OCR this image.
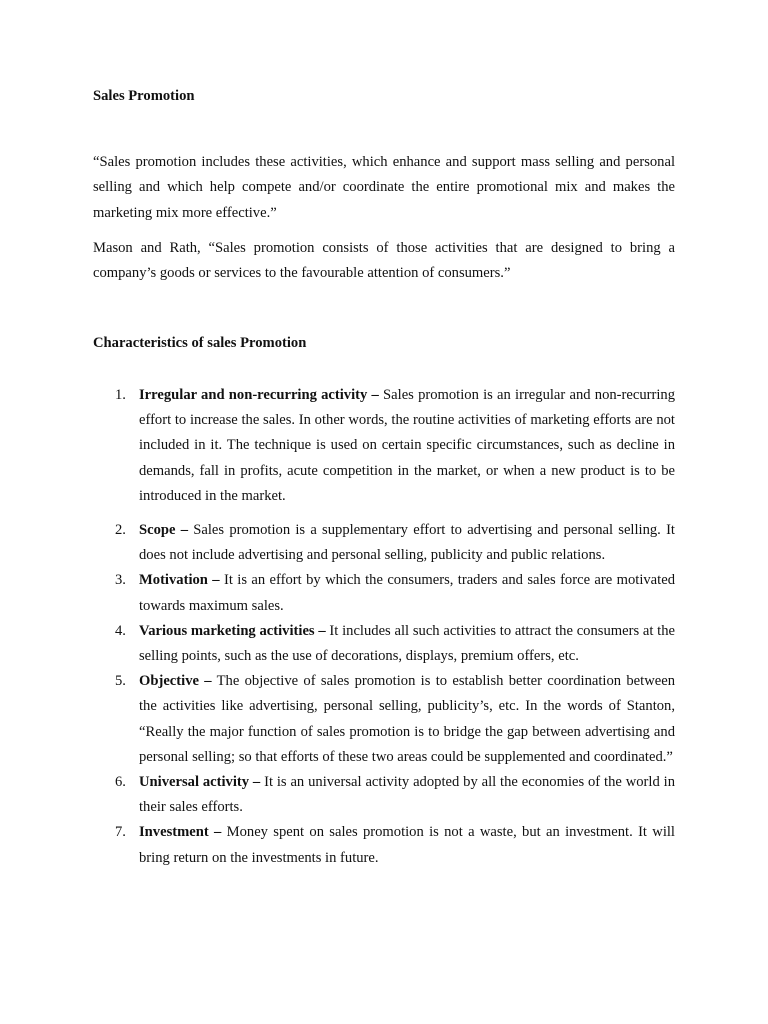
Sales Promotion

“Sales promotion includes these activities, which enhance and support mass selling and personal selling and which help compete and/or coordinate the entire promotional mix and makes the marketing mix more effective.”

Mason and Rath, “Sales promotion consists of those activities that are designed to bring a company’s goods or services to the favourable attention of consumers.”

Characteristics of sales Promotion
1. Irregular and non-recurring activity – Sales promotion is an irregular and non-recurring effort to increase the sales. In other words, the routine activities of marketing efforts are not included in it. The technique is used on certain specific circumstances, such as decline in demands, fall in profits, acute competition in the market, or when a new product is to be introduced in the market.
2. Scope – Sales promotion is a supplementary effort to advertising and personal selling. It does not include advertising and personal selling, publicity and public relations.
3. Motivation – It is an effort by which the consumers, traders and sales force are motivated towards maximum sales.
4. Various marketing activities – It includes all such activities to attract the consumers at the selling points, such as the use of decorations, displays, premium offers, etc.
5. Objective – The objective of sales promotion is to establish better coordination between the activities like advertising, personal selling, publicity’s, etc. In the words of Stanton, “Really the major function of sales promotion is to bridge the gap between advertising and personal selling; so that efforts of these two areas could be supplemented and coordinated.”
6. Universal activity – It is an universal activity adopted by all the economies of the world in their sales efforts.
7. Investment – Money spent on sales promotion is not a waste, but an investment. It will bring return on the investments in future.
